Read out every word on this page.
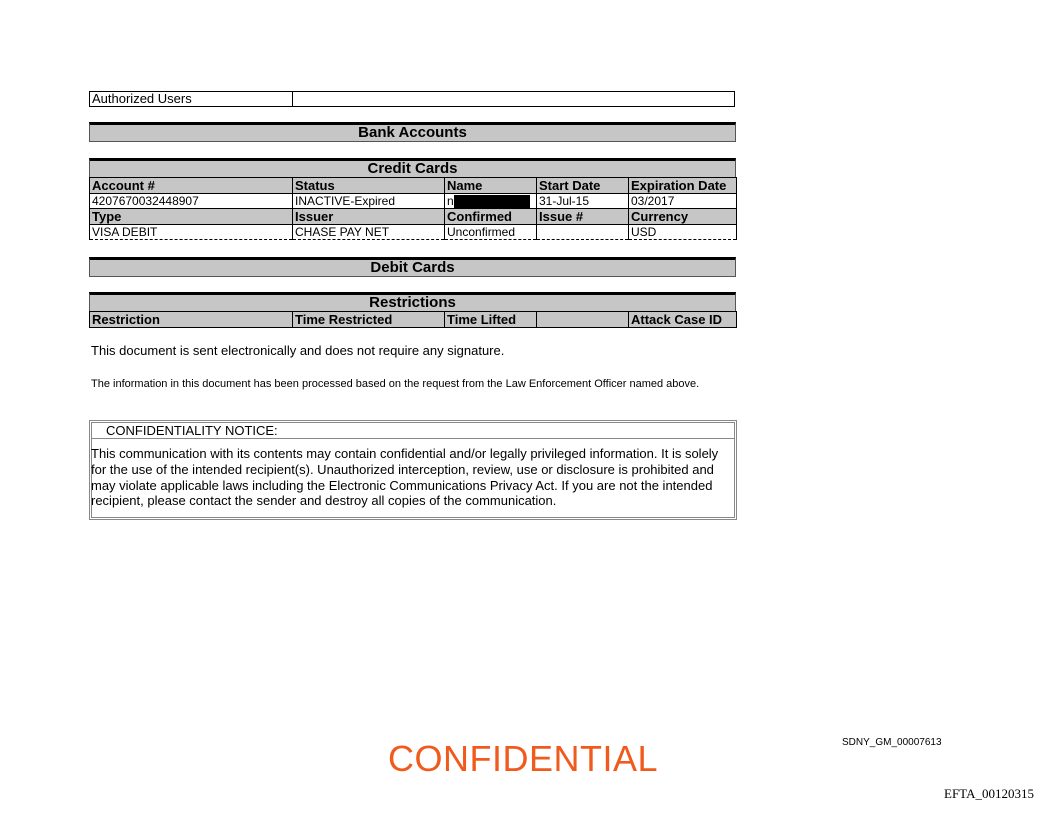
Authorized Users
Bank Accounts
Credit Cards
Account #	Status	Name	Start Date	Expiration Date
4207670032448907	INACTIVE-Expired	n	31-Jul-15	03/2017
Type	Issuer	Confirmed	Issue #	Currency
VISA DEBIT	CHASE PAY NET	Unconfirmed		USD
Debit Cards
Restrictions
Restriction	Time Restricted	Time Lifted		Attack Case ID
This document is sent electronically and does not require any signature.
The information in this document has been processed based on the request from the Law Enforcement Officer named above.
CONFIDENTIALITY NOTICE:
This communication with its contents may contain confidential and/or legally privileged information. It is solely for the use of the intended recipient(s). Unauthorized interception, review, use or disclosure is prohibited and may violate applicable laws including the Electronic Communications Privacy Act. If you are not the intended recipient, please contact the sender and destroy all copies of the communication.
CONFIDENTIAL	SDNY_GM_00007613
EFTA_00120315
